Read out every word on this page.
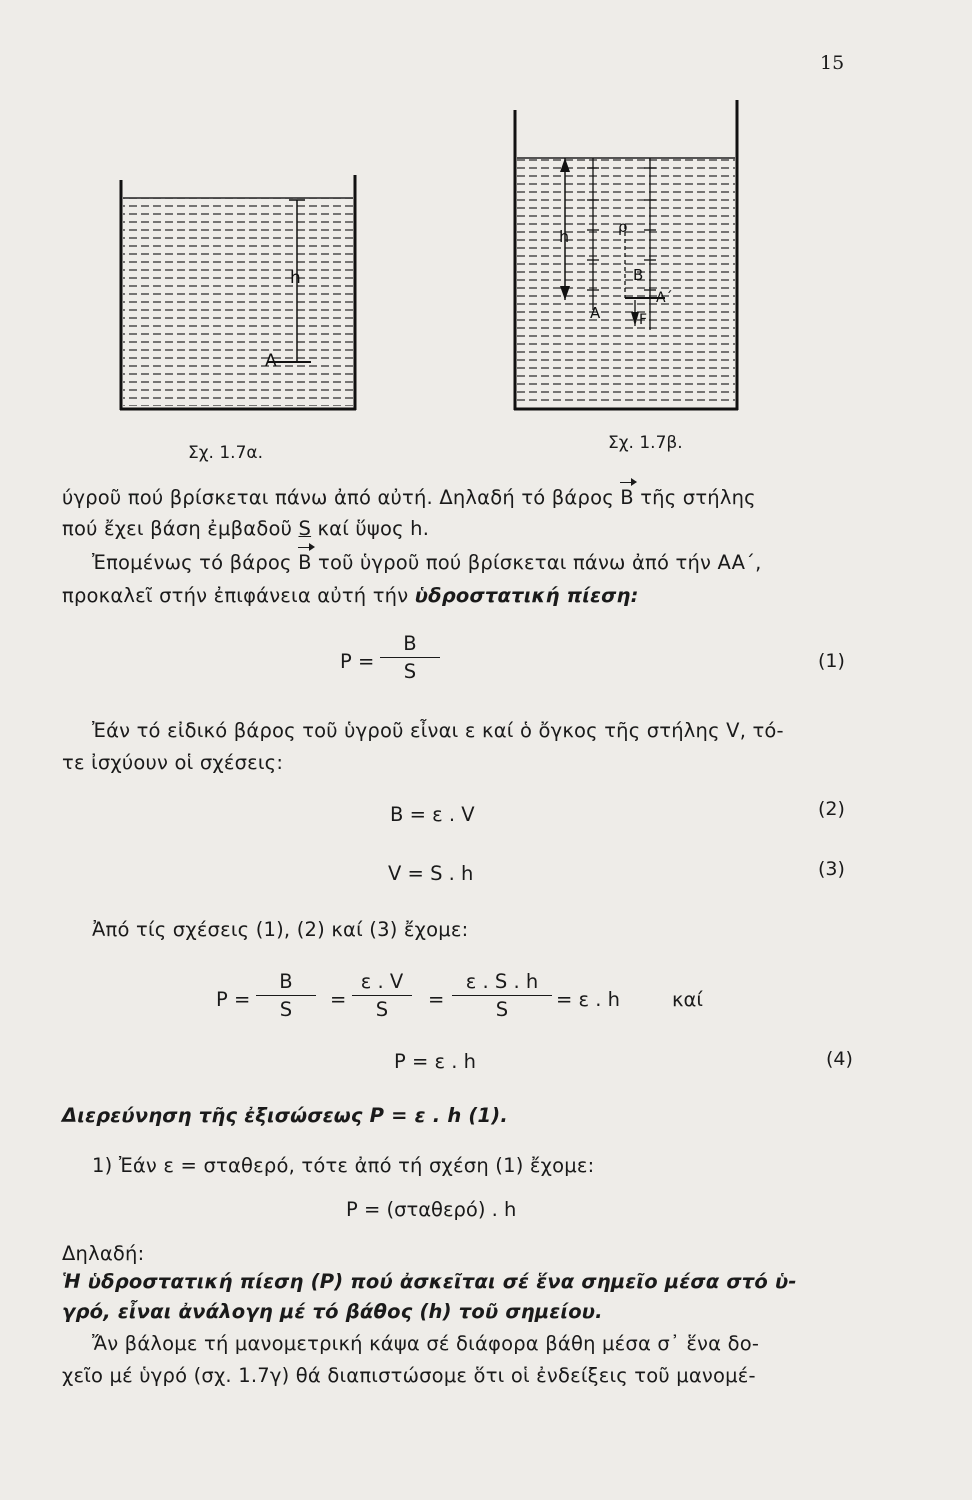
15
h
A
Σχ. 1.7α.
h	ρ
B
A
A´
F
Σχ. 1.7β.
ύγροῦ πού βρίσκεται πάνω ἀπό αὐτή. Δηλαδή τό βάρος B τῆς στήλης
πού ἔχει βάση ἐμβαδοῦ S καί ὕψος h.
Ἐπομένως τό βάρος B τοῦ ὑγροῦ πού βρίσκεται πάνω ἀπό τήν AA´,
προκαλεῖ στήν ἐπιφάνεια αὐτή τήν ὑδροστατική πίεση:
P =
B
S	(1)
Ἐάν τό εἰδικό βάρος τοῦ ὑγροῦ εἶναι ε καί ὁ ὄγκος τῆς στήλης V, τό-
τε ἰσχύουν οἱ σχέσεις:
B = ε . V	(2)
V = S . h	(3)
Ἀπό τίς σχέσεις (1), (2) καί (3) ἔχομε:
P =
B
S	=
ε . V
S	=
ε . S . h
S	= ε . h	καί
P = ε . h	(4)
Διερεύνηση τῆς ἐξισώσεως P = ε . h (1).
1) Ἐάν ε = σταθερό, τότε ἀπό τή σχέση (1) ἔχομε:
P = (σταθερό) . h
Δηλαδή:
Ἡ ὑδροστατική πίεση (P) πού ἀσκεῖται σέ ἕνα σημεῖο μέσα στό ὑ-
γρό, εἶναι ἀνάλογη μέ τό βάθος (h) τοῦ σημείου.
Ἄν βάλομε τή μανομετρική κάψα σέ διάφορα βάθη μέσα σ᾽ ἕνα δο-
χεῖο μέ ὑγρό (σχ. 1.7γ) θά διαπιστώσομε ὅτι οἱ ἐνδείξεις τοῦ μανομέ-
